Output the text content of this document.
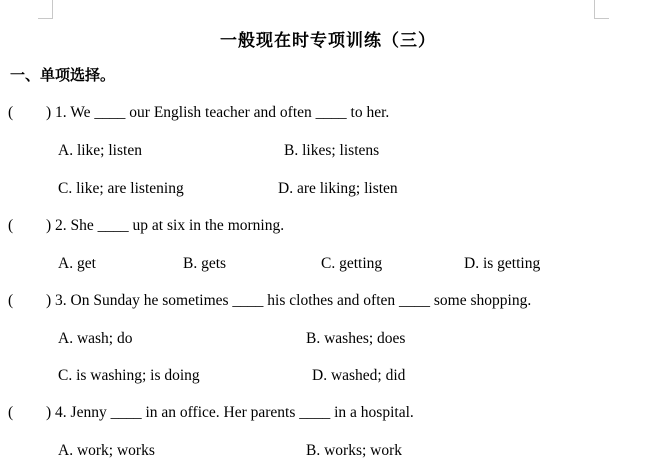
一般现在时专项训练（三）
一、单项选择。
( ) 1. We ____ our English teacher and often ____ to her.
A. like; listen	B. likes; listens
C. like; are listening	D. are liking; listen
( ) 2. She ____ up at six in the morning.
A. get	B. gets	C. getting	D. is getting
( ) 3. On Sunday he sometimes ____ his clothes and often ____ some shopping.
A. wash; do	B. washes; does
C. is washing; is doing	D. washed; did
( ) 4. Jenny ____ in an office. Her parents ____ in a hospital.
A. work; works	B. works; work
